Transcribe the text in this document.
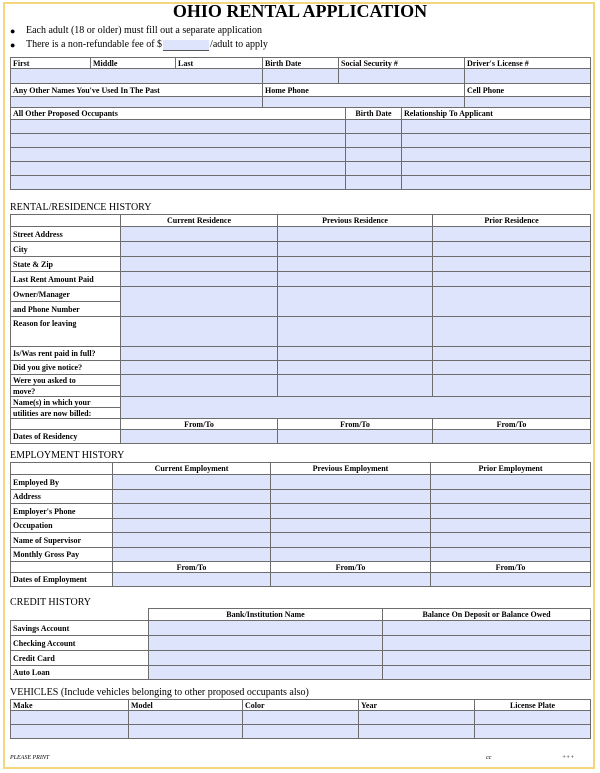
OHIO RENTAL APPLICATION
●	Each adult (18 or older) must fill out a separate application
●	There is a non-refundable fee of $	/adult to apply
First	Middle	Last	Birth Date	Social Security #	Driver's License #

Any Other Names You've Used In The Past			Home Phone		Cell Phone

All Other Proposed Occupants	Birth Date	Relationship To Applicant

RENTAL/RESIDENCE HISTORY
	Current Residence	Previous Residence	Prior Residence
Street Address			
City			
State & Zip			
Last Rent Amount Paid			
Owner/Manager			
and Phone Number			
Reason for leaving			
Is/Was rent paid in full?			
Did you give notice?			
Were you asked to			
move?			
Name(s) in which your			
utilities are now billed:			
	From/To	From/To	From/To
Dates of Residency			
EMPLOYMENT HISTORY
	Current Employment	Previous Employment	Prior Employment
Employed By			
Address			
Employer's Phone			
Occupation			
Name of Supervisor			
Monthly Gross Pay			
	From/To	From/To	From/To
Dates of Employment			
CREDIT HISTORY
	Bank/Institution Name	Balance On Deposit or Balance Owed
Savings Account		
Checking Account		
Credit Card		
Auto Loan		
VEHICLES (Include vehicles belonging to other proposed occupants also)
Make	Model	Color	Year	License Plate

PLEASE PRINT	cc	+++
